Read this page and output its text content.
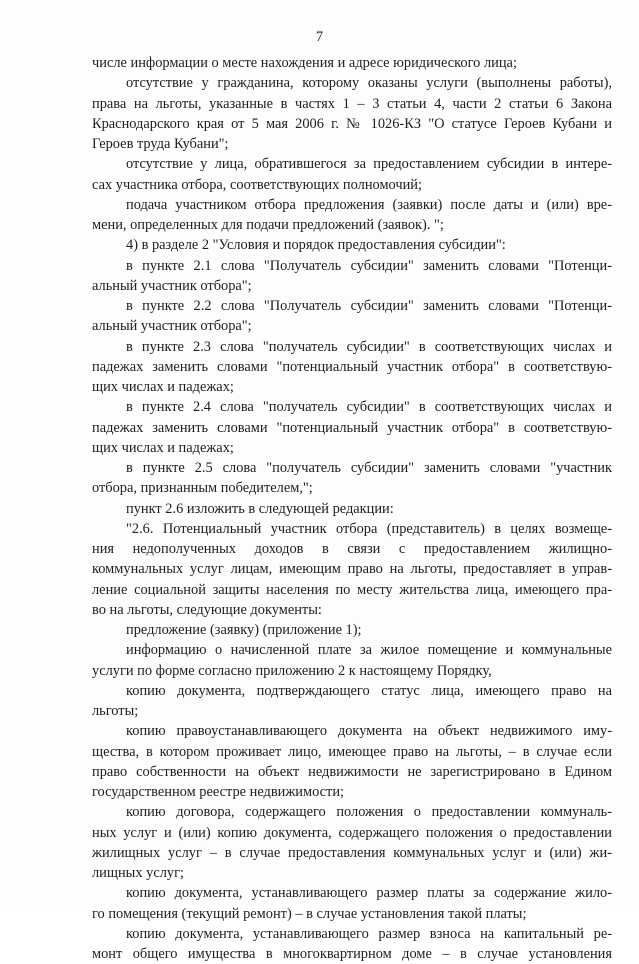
7
числе информации о месте нахождения и адресе юридического лица;
отсутствие у гражданина, которому оказаны услуги (выполнены работы),
права на льготы, указанные в частях 1 – 3 статьи 4, части 2 статьи 6 Закона
Краснодарского края от 5 мая 2006 г. № 1026-КЗ "О статусе Героев Кубани и
Героев труда Кубани";
отсутствие у лица, обратившегося за предоставлением субсидии в интере-
сах участника отбора, соответствующих полномочий;
подача участником отбора предложения (заявки) после даты и (или) вре-
мени, определенных для подачи предложений (заявок). ";
4) в разделе 2 "Условия и порядок предоставления субсидии":
в пункте 2.1 слова "Получатель субсидии" заменить словами "Потенци-
альный участник отбора";
в пункте 2.2 слова "Получатель субсидии" заменить словами "Потенци-
альный участник отбора";
в пункте 2.3 слова "получатель субсидии" в соответствующих числах и
падежах заменить словами "потенциальный участник отбора" в соответствую-
щих числах и падежах;
в пункте 2.4 слова "получатель субсидии" в соответствующих числах и
падежах заменить словами "потенциальный участник отбора" в соответствую-
щих числах и падежах;
в пункте 2.5 слова "получатель субсидии" заменить словами "участник
отбора, признанным победителем,";
пункт 2.6 изложить в следующей редакции:
"2.6. Потенциальный участник отбора (представитель) в целях возмеще-
ния недополученных доходов в связи с предоставлением жилищно-
коммунальных услуг лицам, имеющим право на льготы, предоставляет в управ-
ление социальной защиты населения по месту жительства лица, имеющего пра-
во на льготы, следующие документы:
предложение (заявку) (приложение 1);
информацию о начисленной плате за жилое помещение и коммунальные
услуги по форме согласно приложению 2 к настоящему Порядку,
копию документа, подтверждающего статус лица, имеющего право на
льготы;
копию правоустанавливающего документа на объект недвижимого иму-
щества, в котором проживает лицо, имеющее право на льготы, – в случае если
право собственности на объект недвижимости не зарегистрировано в Едином
государственном реестре недвижимости;
копию договора, содержащего положения о предоставлении коммуналь-
ных услуг и (или) копию документа, содержащего положения о предоставлении
жилищных услуг – в случае предоставления коммунальных услуг и (или) жи-
лищных услуг;
копию документа, устанавливающего размер платы за содержание жило-
го помещения (текущий ремонт) – в случае установления такой платы;
копию документа, устанавливающего размер взноса на капитальный ре-
монт общего имущества в многоквартирном доме – в случае установления
